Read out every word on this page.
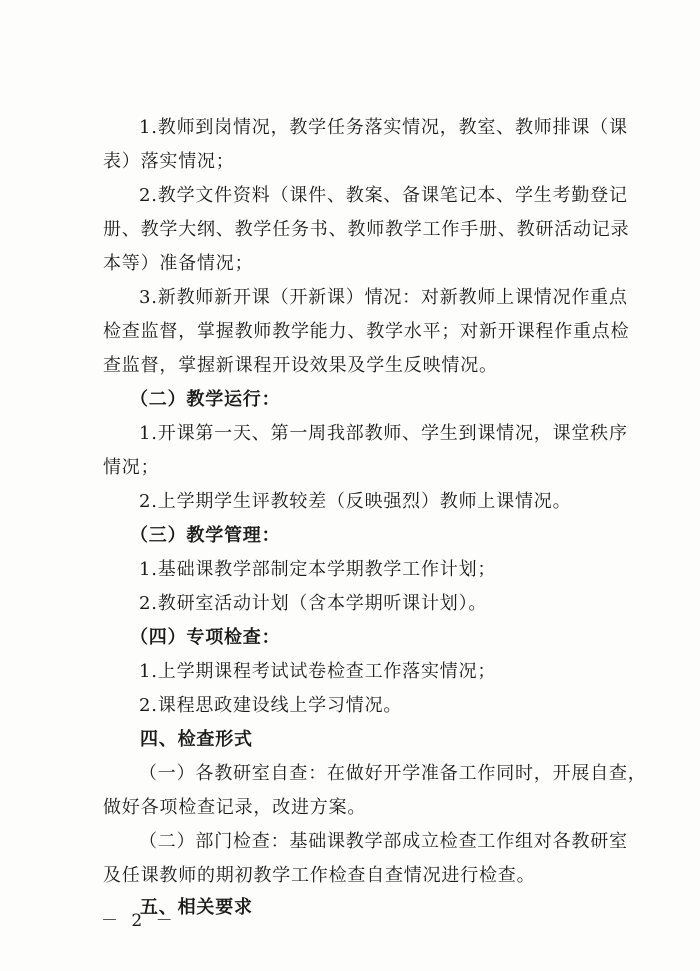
1.教师到岗情况，教学任务落实情况，教室、教师排课（课
表）落实情况；
2.教学文件资料（课件、教案、备课笔记本、学生考勤登记
册、教学大纲、教学任务书、教师教学工作手册、教研活动记录
本等）准备情况；
3.新教师新开课（开新课）情况：对新教师上课情况作重点
检查监督，掌握教师教学能力、教学水平；对新开课程作重点检
查监督，掌握新课程开设效果及学生反映情况。
（二）教学运行：
1.开课第一天、第一周我部教师、学生到课情况，课堂秩序
情况；
2.上学期学生评教较差（反映强烈）教师上课情况。
（三）教学管理：
1.基础课教学部制定本学期教学工作计划；
2.教研室活动计划（含本学期听课计划）。
（四）专项检查：
1.上学期课程考试试卷检查工作落实情况；
2.课程思政建设线上学习情况。
四、检查形式
（一）各教研室自查：在做好开学准备工作同时，开展自查，
做好各项检查记录，改进方案。
（二）部门检查：基础课教学部成立检查工作组对各教研室
及任课教师的期初教学工作检查自查情况进行检查。
五、相关要求
－ 2 －
